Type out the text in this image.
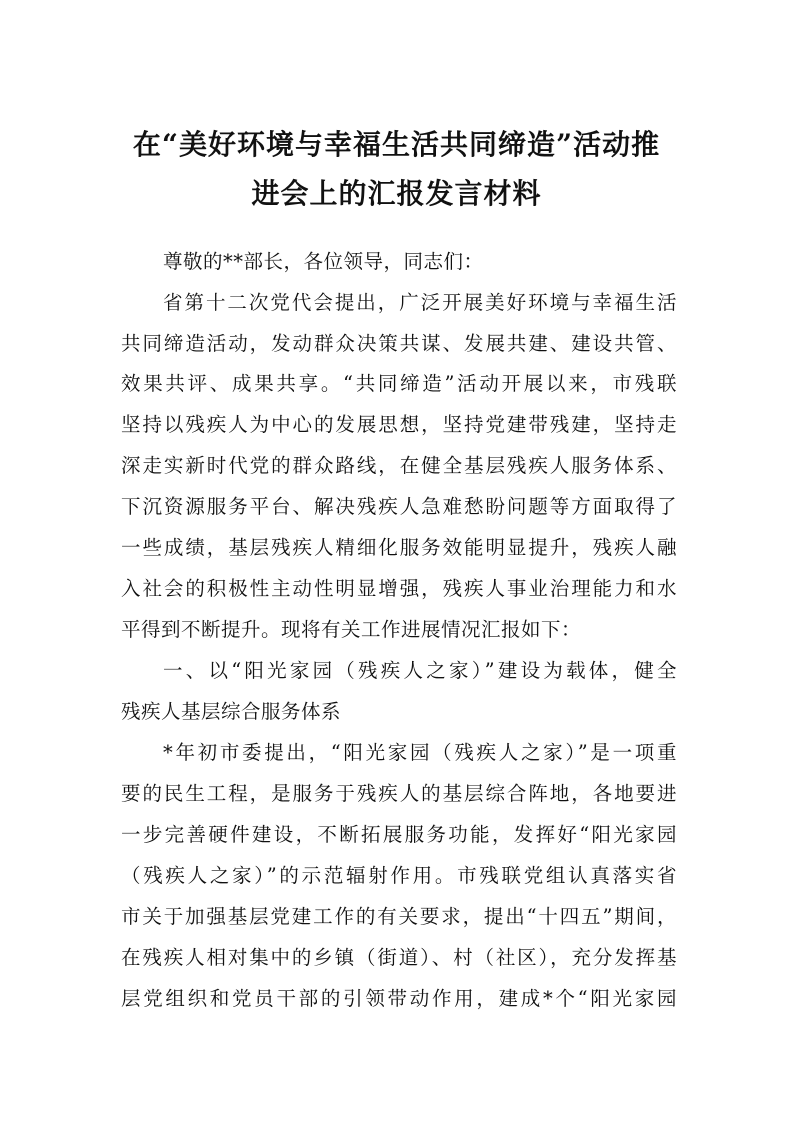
在“美好环境与幸福生活共同缔造”活动推
进会上的汇报发言材料
尊敬的**部长，各位领导，同志们：
省第十二次党代会提出，广泛开展美好环境与幸福生活
共同缔造活动，发动群众决策共谋、发展共建、建设共管、
效果共评、成果共享。“共同缔造”活动开展以来，市残联
坚持以残疾人为中心的发展思想，坚持党建带残建，坚持走
深走实新时代党的群众路线，在健全基层残疾人服务体系、
下沉资源服务平台、解决残疾人急难愁盼问题等方面取得了
一些成绩，基层残疾人精细化服务效能明显提升，残疾人融
入社会的积极性主动性明显增强，残疾人事业治理能力和水
平得到不断提升。现将有关工作进展情况汇报如下：
一、以“阳光家园（残疾人之家）”建设为载体，健全
残疾人基层综合服务体系
*年初市委提出，“阳光家园（残疾人之家）”是一项重
要的民生工程，是服务于残疾人的基层综合阵地，各地要进
一步完善硬件建设，不断拓展服务功能，发挥好“阳光家园
（残疾人之家）”的示范辐射作用。市残联党组认真落实省
市关于加强基层党建工作的有关要求，提出“十四五”期间，
在残疾人相对集中的乡镇（街道）、村（社区），充分发挥基
层党组织和党员干部的引领带动作用，建成*个“阳光家园
